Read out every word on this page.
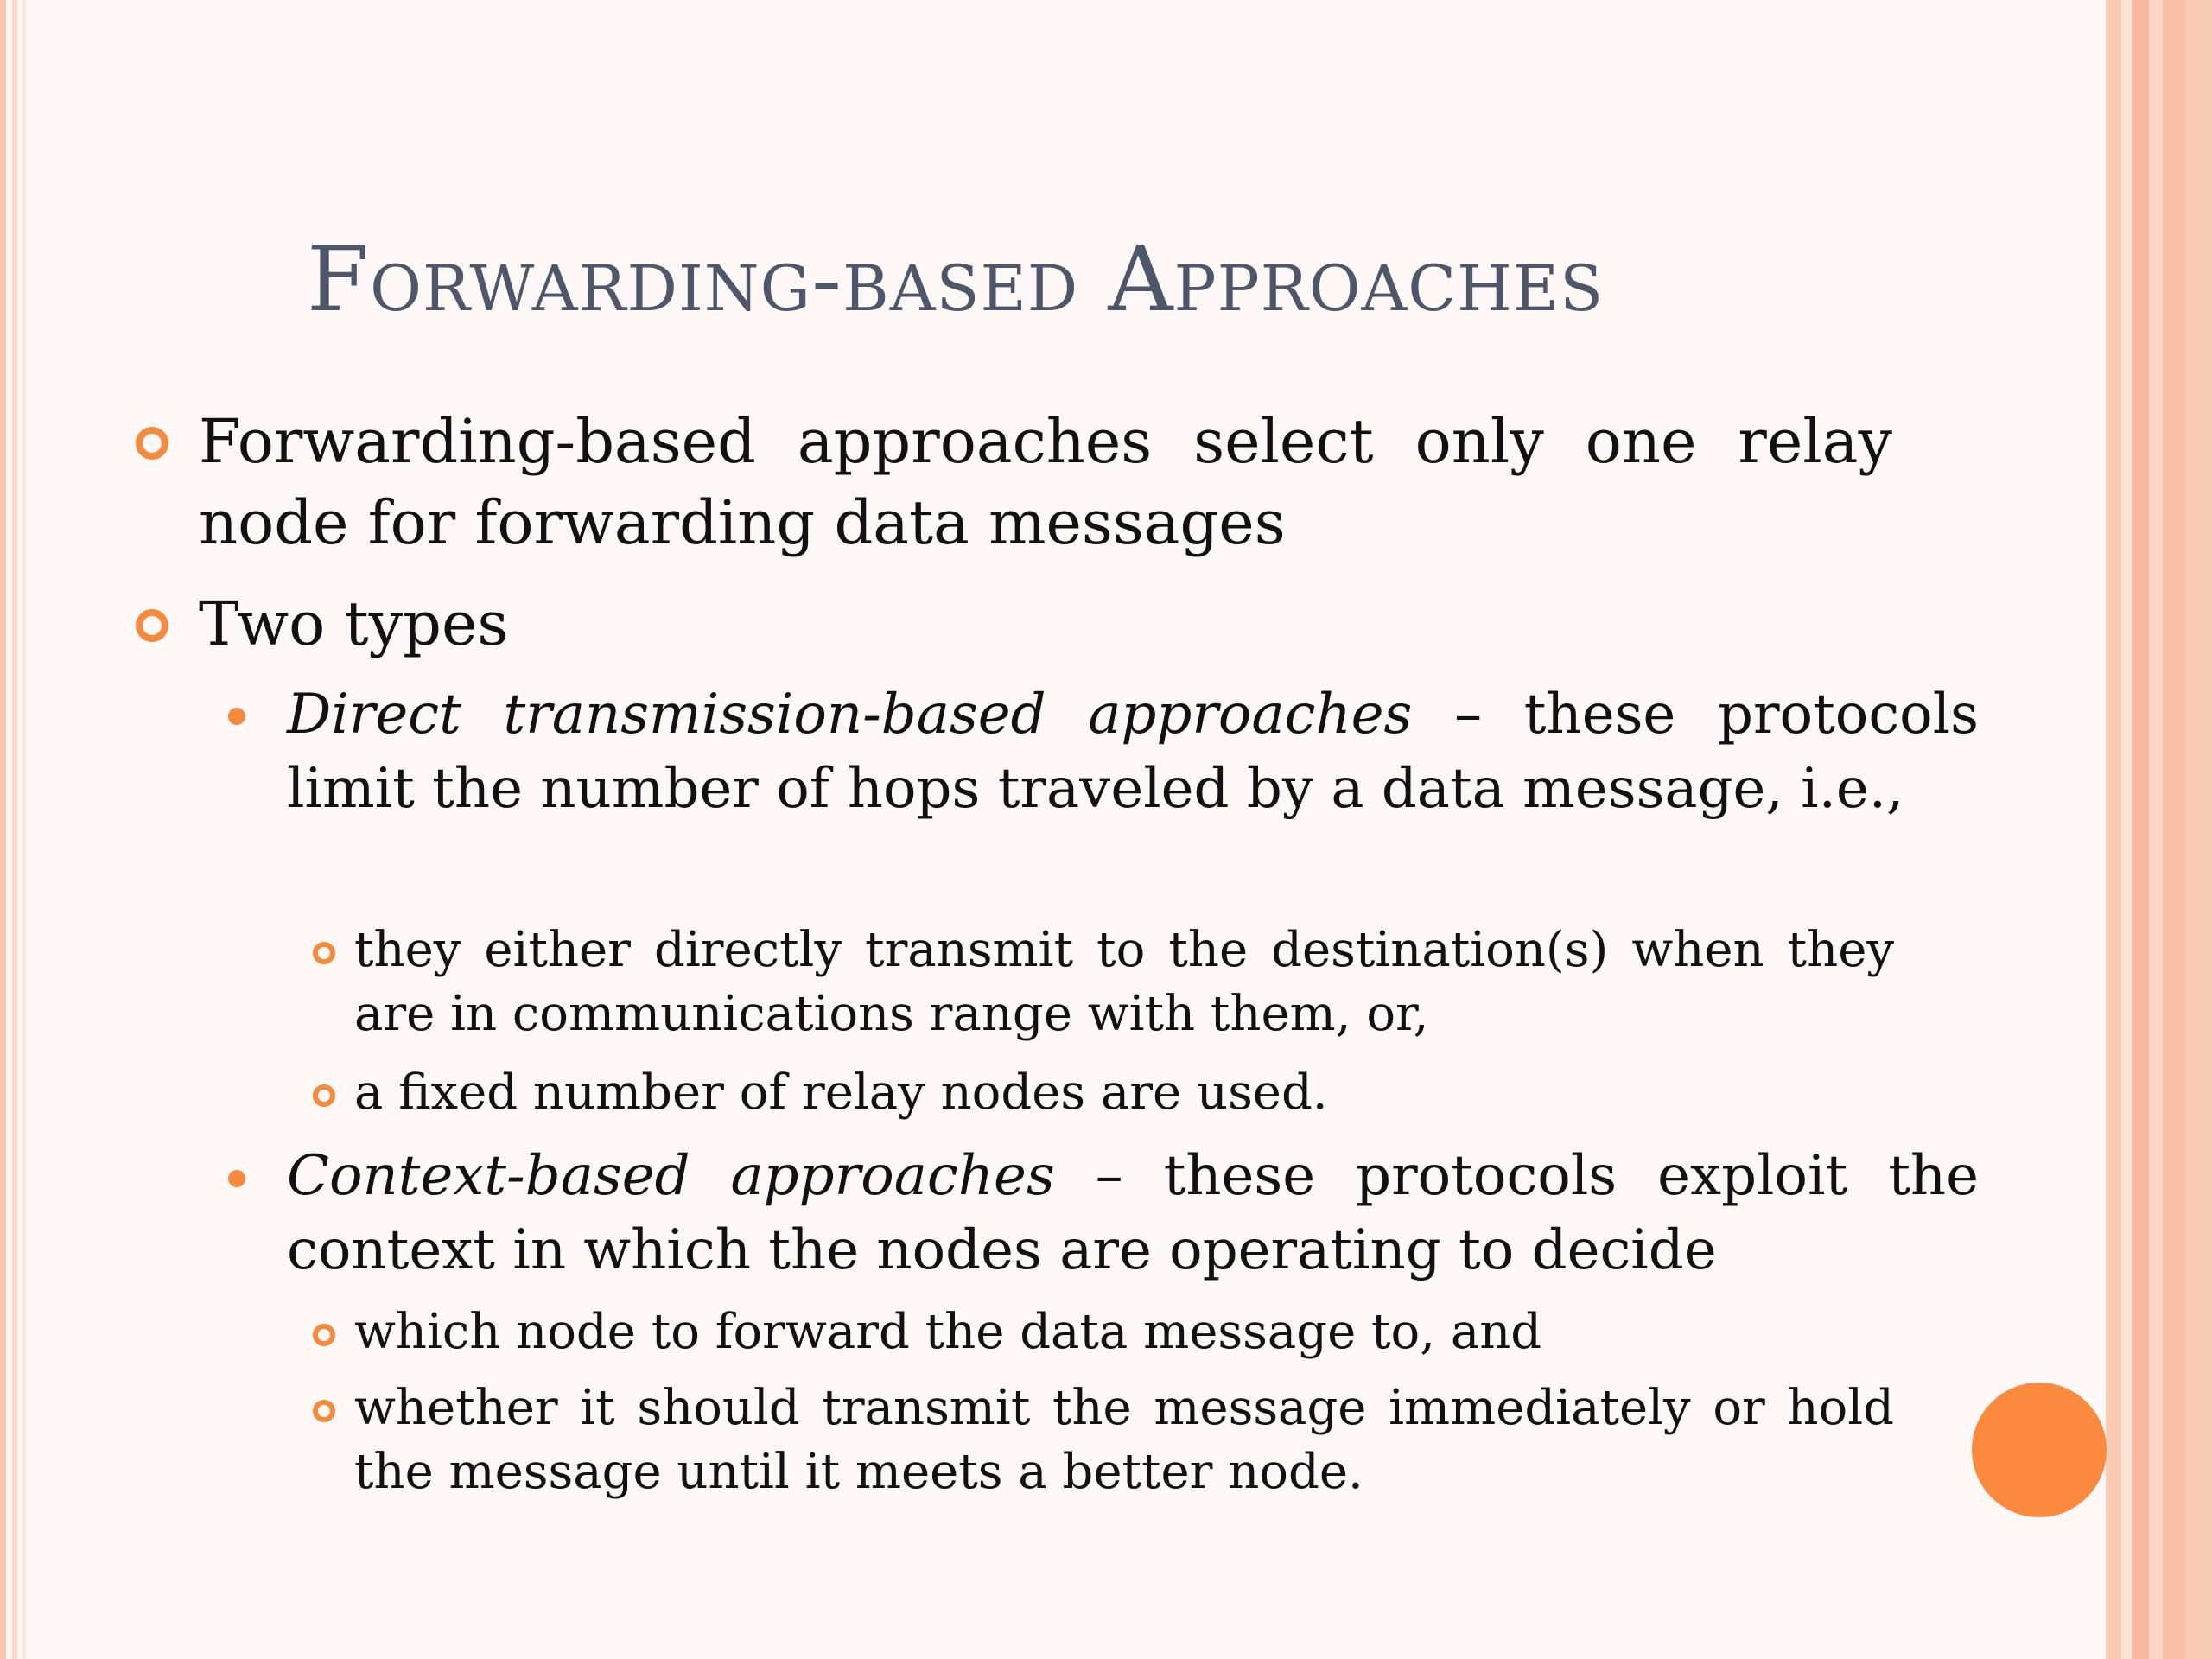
Forwarding-based Approaches
Forwarding-based approaches select only one relay node for forwarding data messages
Two types
Direct transmission-based approaches – these protocols limit the number of hops traveled by a data message, i.e.,
they either directly transmit to the destination(s) when they are in communications range with them, or,
a fixed number of relay nodes are used.
Context-based approaches – these protocols exploit the context in which the nodes are operating to decide
which node to forward the data message to, and
whether it should transmit the message immediately or hold the message until it meets a better node.
